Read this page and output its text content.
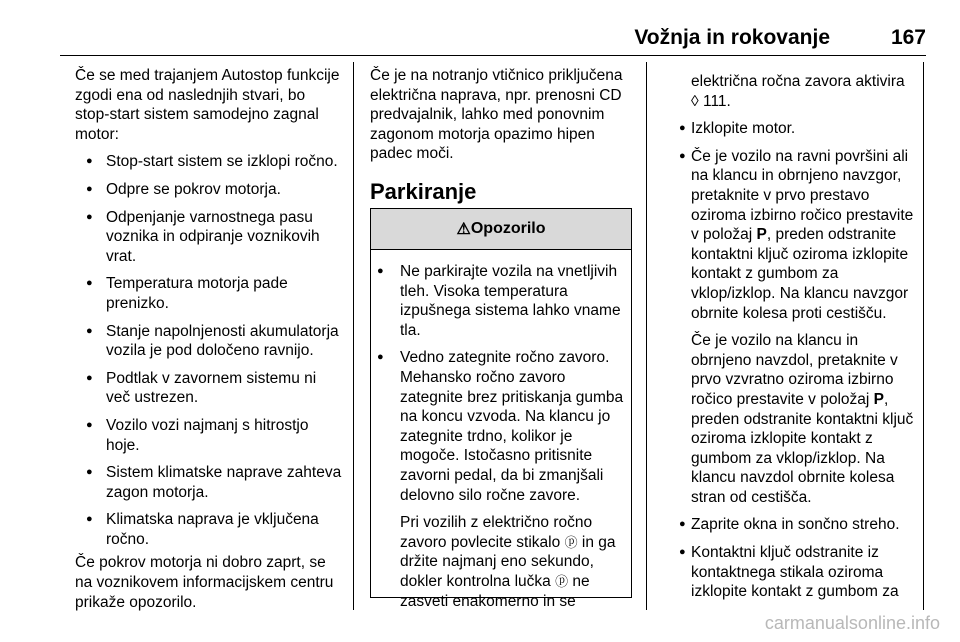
Vožnja in rokovanje	167

Če se med trajanjem Autostop funkcije zgodi ena od naslednjih stvari, bo stop-start sistem samodejno zagnal motor:

● Stop-start sistem se izklopi ročno.
● Odpre se pokrov motorja.
● Odpenjanje varnostnega pasu voznika in odpiranje voznikovih vrat.
● Temperatura motorja pade prenizko.
● Stanje napolnjenosti akumulatorja vozila je pod določeno ravnijo.
● Podtlak v zavornem sistemu ni več ustrezen.
● Vozilo vozi najmanj s hitrostjo hoje.
● Sistem klimatske naprave zahteva zagon motorja.
● Klimatska naprava je vključena ročno.

Če pokrov motorja ni dobro zaprt, se na voznikovem informacijskem centru prikaže opozorilo.

Če je na notranjo vtičnico priključena električna naprava, npr. prenosni CD predvajalnik, lahko med ponovnim zagonom motorja opazimo hipen padec moči.

Parkiranje
⚠ Opozorilo
● Ne parkirajte vozila na vnetljivih tleh. Visoka temperatura izpušnega sistema lahko vname tla.

● Vedno zategnite ročno zavoro. Mehansko ročno zavoro zategnite brez pritiskanja gumba na koncu vzvoda. Na klancu jo zategnite trdno, kolikor je mogoče. Istočasno pritisnite zavorni pedal, da bi zmanjšali delovno silo ročne zavore.

Pri vozilih z električno ročno zavoro povlecite stikalo ⓟ in ga držite najmanj eno sekundo, dokler kontrolna lučka ⓟ ne zasveti enakomerno in se

električna ročna zavora aktivira ◊ 111.

● Izklopite motor.

● Če je vozilo na ravni površini ali na klancu in obrnjeno navzgor, pretaknite v prvo prestavo oziroma izbirno ročico prestavite v položaj P, preden odstranite kontaktni ključ oziroma izklopite kontakt z gumbom za vklop/izklop. Na klancu navzgor obrnite kolesa proti cestišču.

Če je vozilo na klancu in obrnjeno navzdol, pretaknite v prvo vzvratno oziroma izbirno ročico prestavite v položaj P, preden odstranite kontaktni ključ oziroma izklopite kontakt z gumbom za vklop/izklop. Na klancu navzdol obrnite kolesa stran od cestišča.

● Zaprite okna in sončno streho.
● Kontaktni ključ odstranite iz kontaktnega stikala oziroma izklopite kontakt z gumbom za
carmanualsonline.info
